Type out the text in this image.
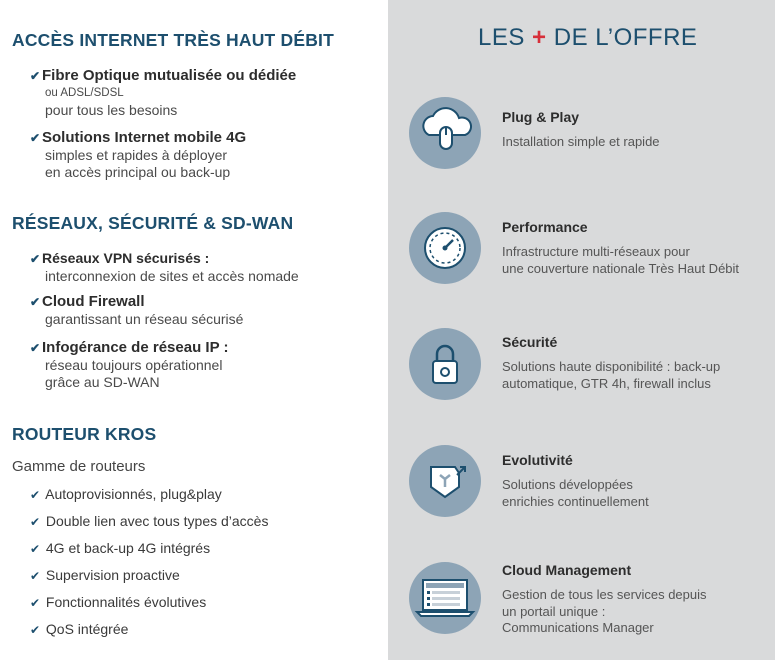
ACCÈS INTERNET TRÈS HAUT DÉBIT
✔ Fibre Optique mutualisée ou dédiée
ou ADSL/SDSL
pour tous les besoins
✔ Solutions Internet mobile 4G
simples et rapides à déployer
en accès principal ou back-up
RÉSEAUX, SÉCURITÉ & SD-WAN
✔ Réseaux VPN sécurisés :
interconnexion de sites et accès nomade
✔ Cloud Firewall
garantissant un réseau sécurisé
✔ Infogérance de réseau IP :
réseau toujours opérationnel
grâce au SD-WAN
ROUTEUR KROS
Gamme de routeurs
✔ Autoprovisionnés, plug&play
✔ Double lien avec tous types d’accès
✔ 4G et back-up 4G intégrés
✔ Supervision proactive
✔ Fonctionnalités évolutives
✔ QoS intégrée
LES + DE L’OFFRE
Plug & Play
Installation simple et rapide
Performance
Infrastructure multi-réseaux pour
une couverture nationale Très Haut Débit
Sécurité
Solutions haute disponibilité : back-up
automatique, GTR 4h, firewall inclus
Evolutivité
Solutions développées
enrichies continuellement
Cloud Management
Gestion de tous les services depuis
un portail unique :
Communications Manager
